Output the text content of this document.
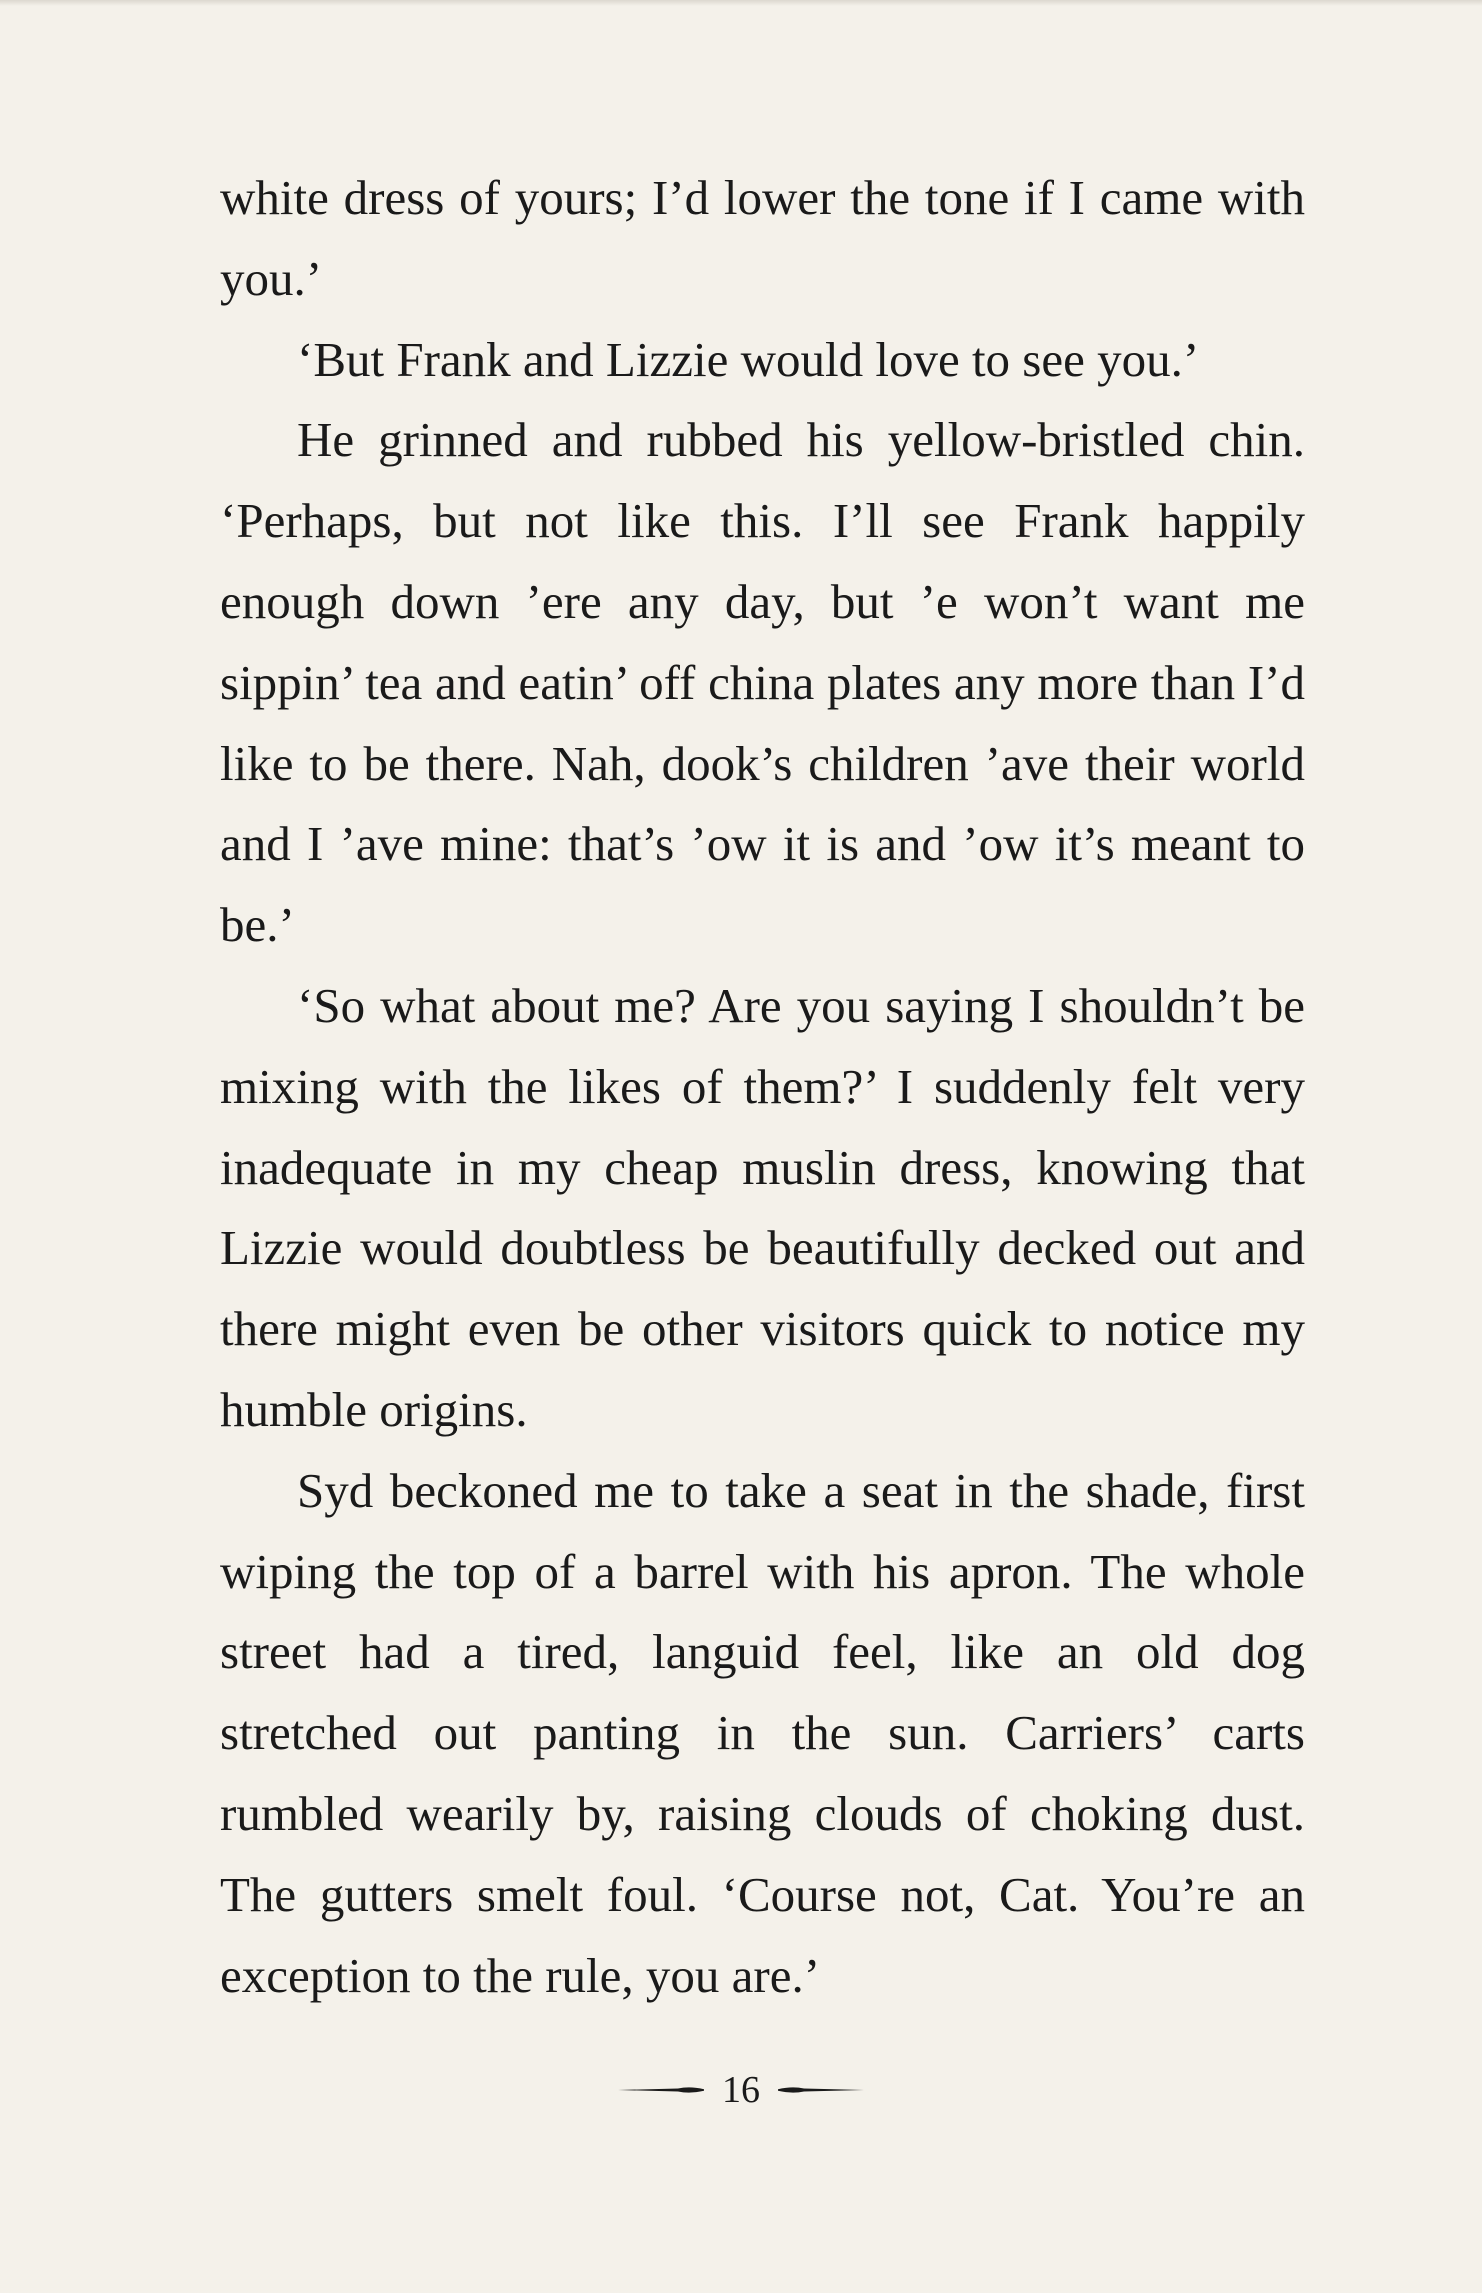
white dress of yours; I’d lower the tone if I came with you.’

‘But Frank and Lizzie would love to see you.’

He grinned and rubbed his yellow-bristled chin. ‘Perhaps, but not like this. I’ll see Frank happily enough down ’ere any day, but ’e won’t want me sippin’ tea and eatin’ off china plates any more than I’d like to be there. Nah, dook’s children ’ave their world and I ’ave mine: that’s ’ow it is and ’ow it’s meant to be.’

‘So what about me? Are you saying I shouldn’t be mixing with the likes of them?’ I suddenly felt very inadequate in my cheap muslin dress, knowing that Lizzie would doubtless be beautifully decked out and there might even be other visitors quick to notice my humble origins.

Syd beckoned me to take a seat in the shade, first wiping the top of a barrel with his apron. The whole street had a tired, languid feel, like an old dog stretched out panting in the sun. Carriers’ carts rumbled wearily by, raising clouds of choking dust. The gutters smelt foul. ‘Course not, Cat. You’re an exception to the rule, you are.’

16
